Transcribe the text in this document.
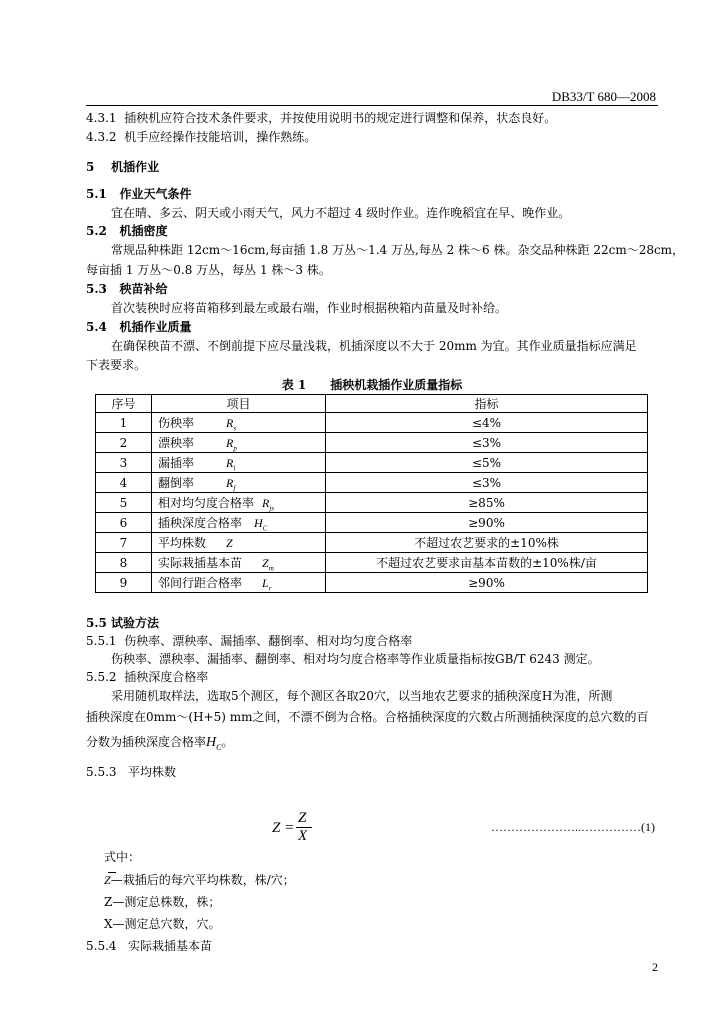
DB33/T 680—2008
4.3.1 插秧机应符合技术条件要求，并按使用说明书的规定进行调整和保养，状态良好。
4.3.2 机手应经操作技能培训，操作熟练。
5 机插作业
5.1 作业天气条件
宜在晴、多云、阴天或小雨天气，风力不超过 4 级时作业。连作晚稻宜在早、晚作业。
5.2 机插密度
常规品种株距 12cm～16cm,每亩插 1.8 万丛～1.4 万丛,每丛 2 株～6 株。杂交品种株距 22cm～28cm，
每亩插 1 万丛～0.8 万丛，每丛 1 株～3 株。
5.3 秧苗补给
首次装秧时应将苗箱移到最左或最右端，作业时根据秧箱内苗量及时补给。
5.4 机插作业质量
在确保秧苗不漂、不倒前提下应尽量浅栽，机插深度以不大于 20mm 为宜。其作业质量指标应满足
下表要求。
表 1　　插秧机栽插作业质量指标
序号	项目	指标
1	伤秧率 $R_s$	≤4%
2	漂秧率 $R_p$	≤3%
3	漏插率 $R_l$	≤5%
4	翻倒率 $R_f$	≤3%
5	相对均匀度合格率 $R_{js}$	≥85%
6	插秧深度合格率 $H_C$	≥90%
7	平均株数 Z	不超过农艺要求的±10%株
8	实际栽插基本苗 $Z_m$	不超过农艺要求亩基本苗数的±10%株/亩
9	邻间行距合格率 $L_r$	≥90%
5.5 试验方法
5.5.1 伤秧率、漂秧率、漏插率、翻倒率、相对均匀度合格率
伤秧率、漂秧率、漏插率、翻倒率、相对均匀度合格率等作业质量指标按GB/T 6243 测定。
5.5.2 插秧深度合格率
采用随机取样法，选取5个测区，每个测区各取20穴，以当地农艺要求的插秧深度H为准，所测
插秧深度在0mm～(H+5) mm之间，不漂不倒为合格。合格插秧深度的穴数占所测插秧深度的总穴数的百
分数为插秧深度合格率$H_C$。
5.5.3 平均株数
Z =
Z
X
…………………..……………(1)
式中：
Z—栽插后的每穴平均株数，株/穴；
Z—测定总株数，株；
X—测定总穴数，穴。
5.5.4 实际栽插基本苗
2
